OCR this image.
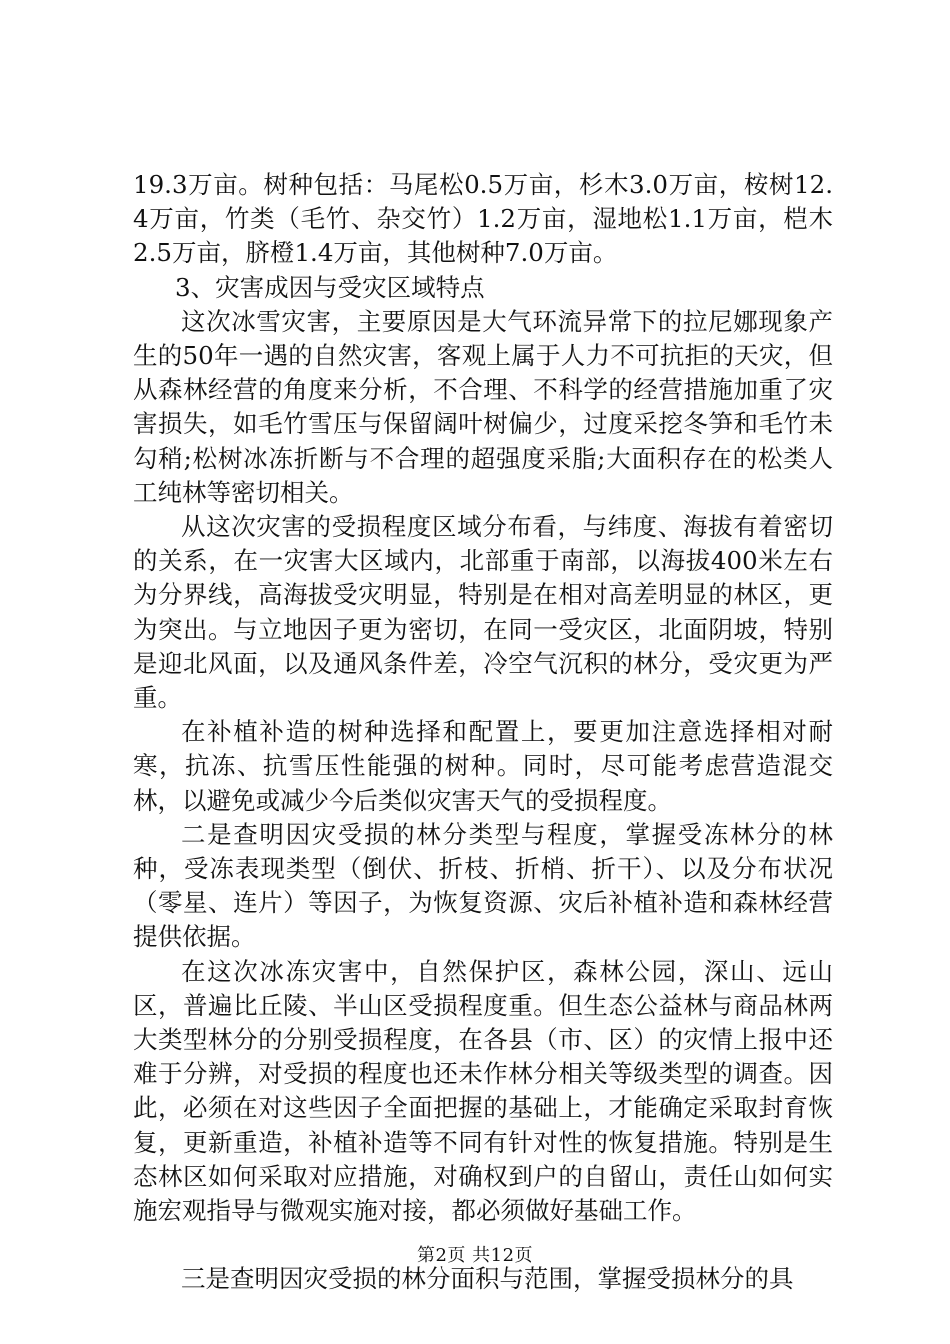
19.3万亩。树种包括：马尾松0.5万亩，杉木3.0万亩，桉树12.4万亩，竹类（毛竹、杂交竹）1.2万亩，湿地松1.1万亩，桤木2.5万亩，脐橙1.4万亩，其他树种7.0万亩。

3、灾害成因与受灾区域特点

这次冰雪灾害，主要原因是大气环流异常下的拉尼娜现象产生的50年一遇的自然灾害，客观上属于人力不可抗拒的天灾，但从森林经营的角度来分析，不合理、不科学的经营措施加重了灾害损失，如毛竹雪压与保留阔叶树偏少，过度采挖冬笋和毛竹未勾稍;松树冰冻折断与不合理的超强度采脂;大面积存在的松类人工纯林等密切相关。

从这次灾害的受损程度区域分布看，与纬度、海拔有着密切的关系，在一灾害大区域内，北部重于南部，以海拔400米左右为分界线，高海拔受灾明显，特别是在相对高差明显的林区，更为突出。与立地因子更为密切，在同一受灾区，北面阴坡，特别是迎北风面，以及通风条件差，冷空气沉积的林分，受灾更为严重。

在补植补造的树种选择和配置上，要更加注意选择相对耐寒，抗冻、抗雪压性能强的树种。同时，尽可能考虑营造混交林，以避免或减少今后类似灾害天气的受损程度。

二是查明因灾受损的林分类型与程度，掌握受冻林分的林种，受冻表现类型（倒伏、折枝、折梢、折干）、以及分布状况（零星、连片）等因子，为恢复资源、灾后补植补造和森林经营提供依据。

在这次冰冻灾害中，自然保护区，森林公园，深山、远山区，普遍比丘陵、半山区受损程度重。但生态公益林与商品林两大类型林分的分别受损程度，在各县（市、区）的灾情上报中还难于分辨，对受损的程度也还未作林分相关等级类型的调查。因此，必须在对这些因子全面把握的基础上，才能确定采取封育恢复，更新重造，补植补造等不同有针对性的恢复措施。特别是生态林区如何采取对应措施，对确权到户的自留山，责任山如何实施宏观指导与微观实施对接，都必须做好基础工作。

三是查明因灾受损的林分面积与范围，掌握受损林分的具

第2页 共12页
